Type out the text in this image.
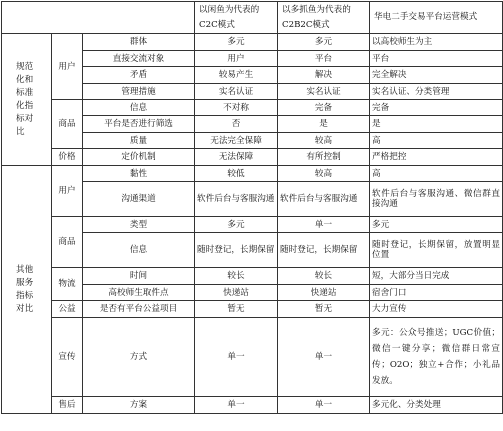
			以闲鱼为代表的C2C模式	以多抓鱼为代表的C2B2C模式	华电二手交易平台运营模式
规范化和标准化指标对比	用户	群体	多元	多元	以高校师生为主
		直接交流对象	用户	平台	平台
		矛盾	较易产生	解决	完全解决
		管理措施	实名认证	实名认证	实名认证、分类管理
	商品	信息	不对称	完备	完备
		平台是否进行筛选	否	是	是
		质量	无法完全保障	较高	高
	价格	定价机制	无法保障	有所控制	严格把控
其他服务指标对比	用户	黏性	较低	较高	高
		沟通渠道	软件后台与客服沟通	软件后台与客服沟通	软件后台与客服沟通、微信群直接沟通
	商品	类型	多元	单一	多元
		信息	随时登记，长期保留	随时登记，长期保留	随时登记，长期保留，放置明显位置
	物流	时间	较长	较长	短，大部分当日完成
		高校师生取件点	快递站	快递站	宿舍门口
	公益	是否有平台公益项目	暂无	暂无	大力宣传
	宣传	方式	单一	单一	多元：公众号推送；UGC价值；微信一键分享；微信群日常宣传；O2O；独立+合作；小礼品发放。
	售后	方案	单一	单一	多元化、分类处理
